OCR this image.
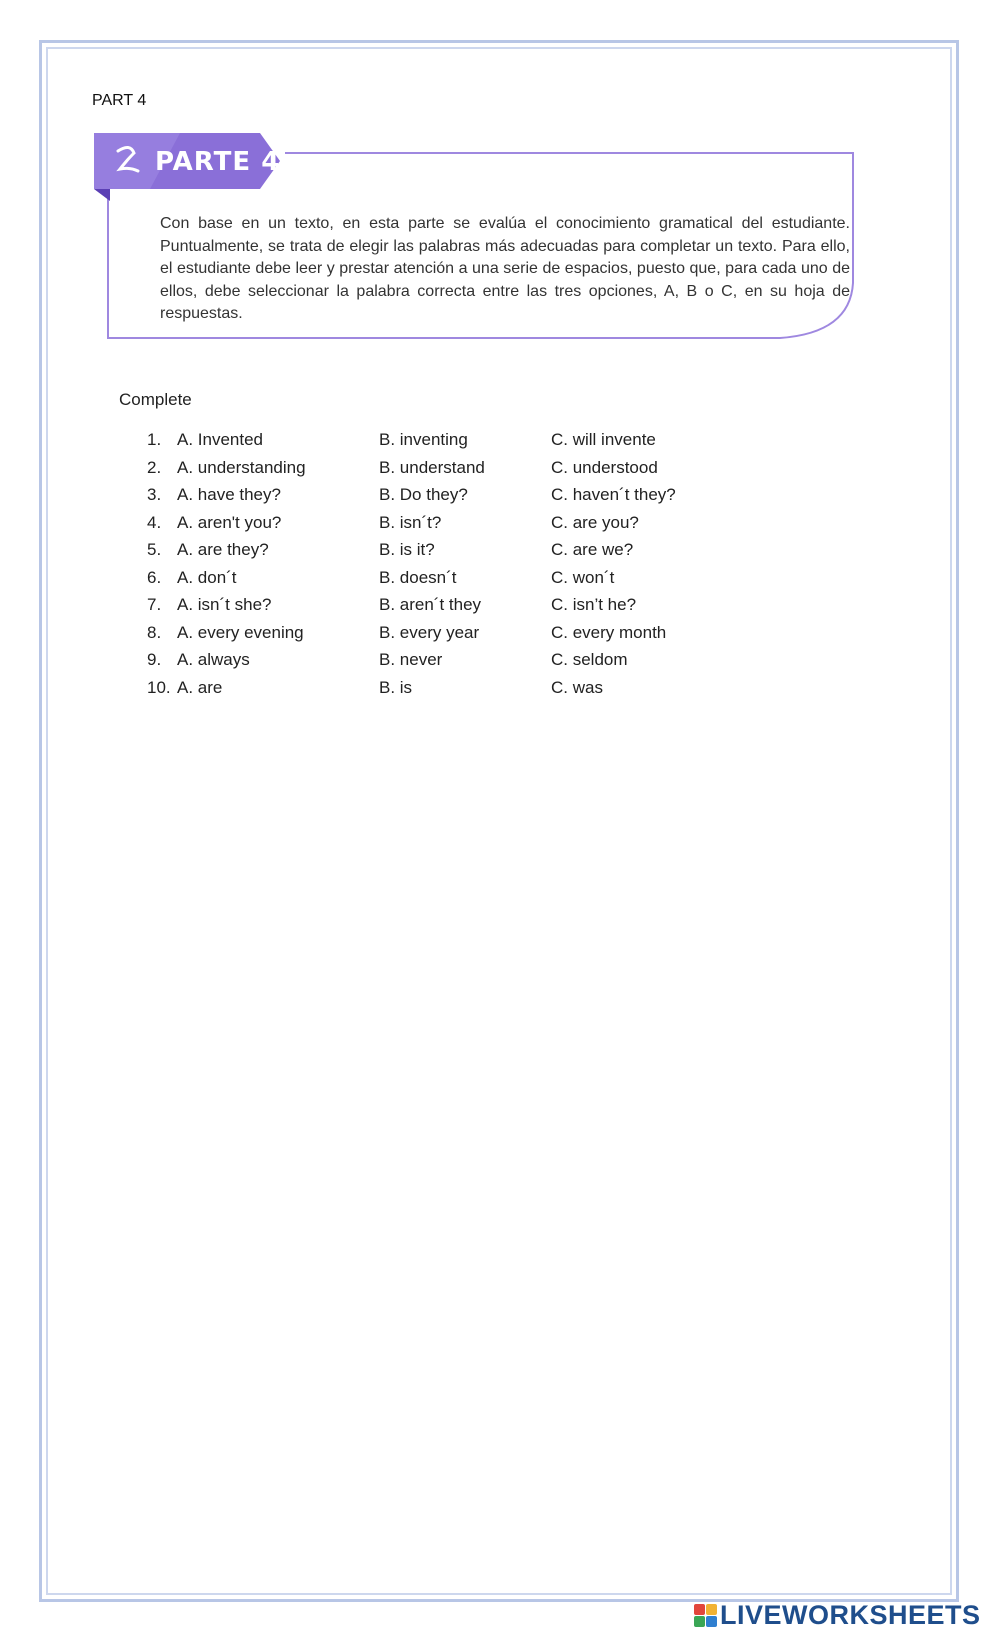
PART 4
PARTE 4
Con base en un texto, en esta parte se evalúa el conocimiento gramatical del estudiante. Puntualmente, se trata de elegir las palabras más adecuadas para completar un texto. Para ello, el estudiante debe leer y prestar atención a una serie de espacios, puesto que, para cada uno de ellos, debe seleccionar la palabra correcta entre las tres opciones, A, B o C, en su hoja de respuestas.
Complete
1. A. Invented	B. inventing	C. will invente
2. A. understanding	B. understand	C. understood
3. A. have they?	B. Do they?	C. haven´t they?
4. A. aren't you?	B. isn´t?	C. are you?
5. A. are they?	B. is it?	C. are we?
6. A. don´t	B. doesn´t	C. won´t
7. A. isn´t she?	B. aren´t they	C. isn’t he?
8. A. every evening	B. every year	C. every month
9. A. always	B. never	C. seldom
10. A. are	B. is	C. was
LIVEWORKSHEETS
